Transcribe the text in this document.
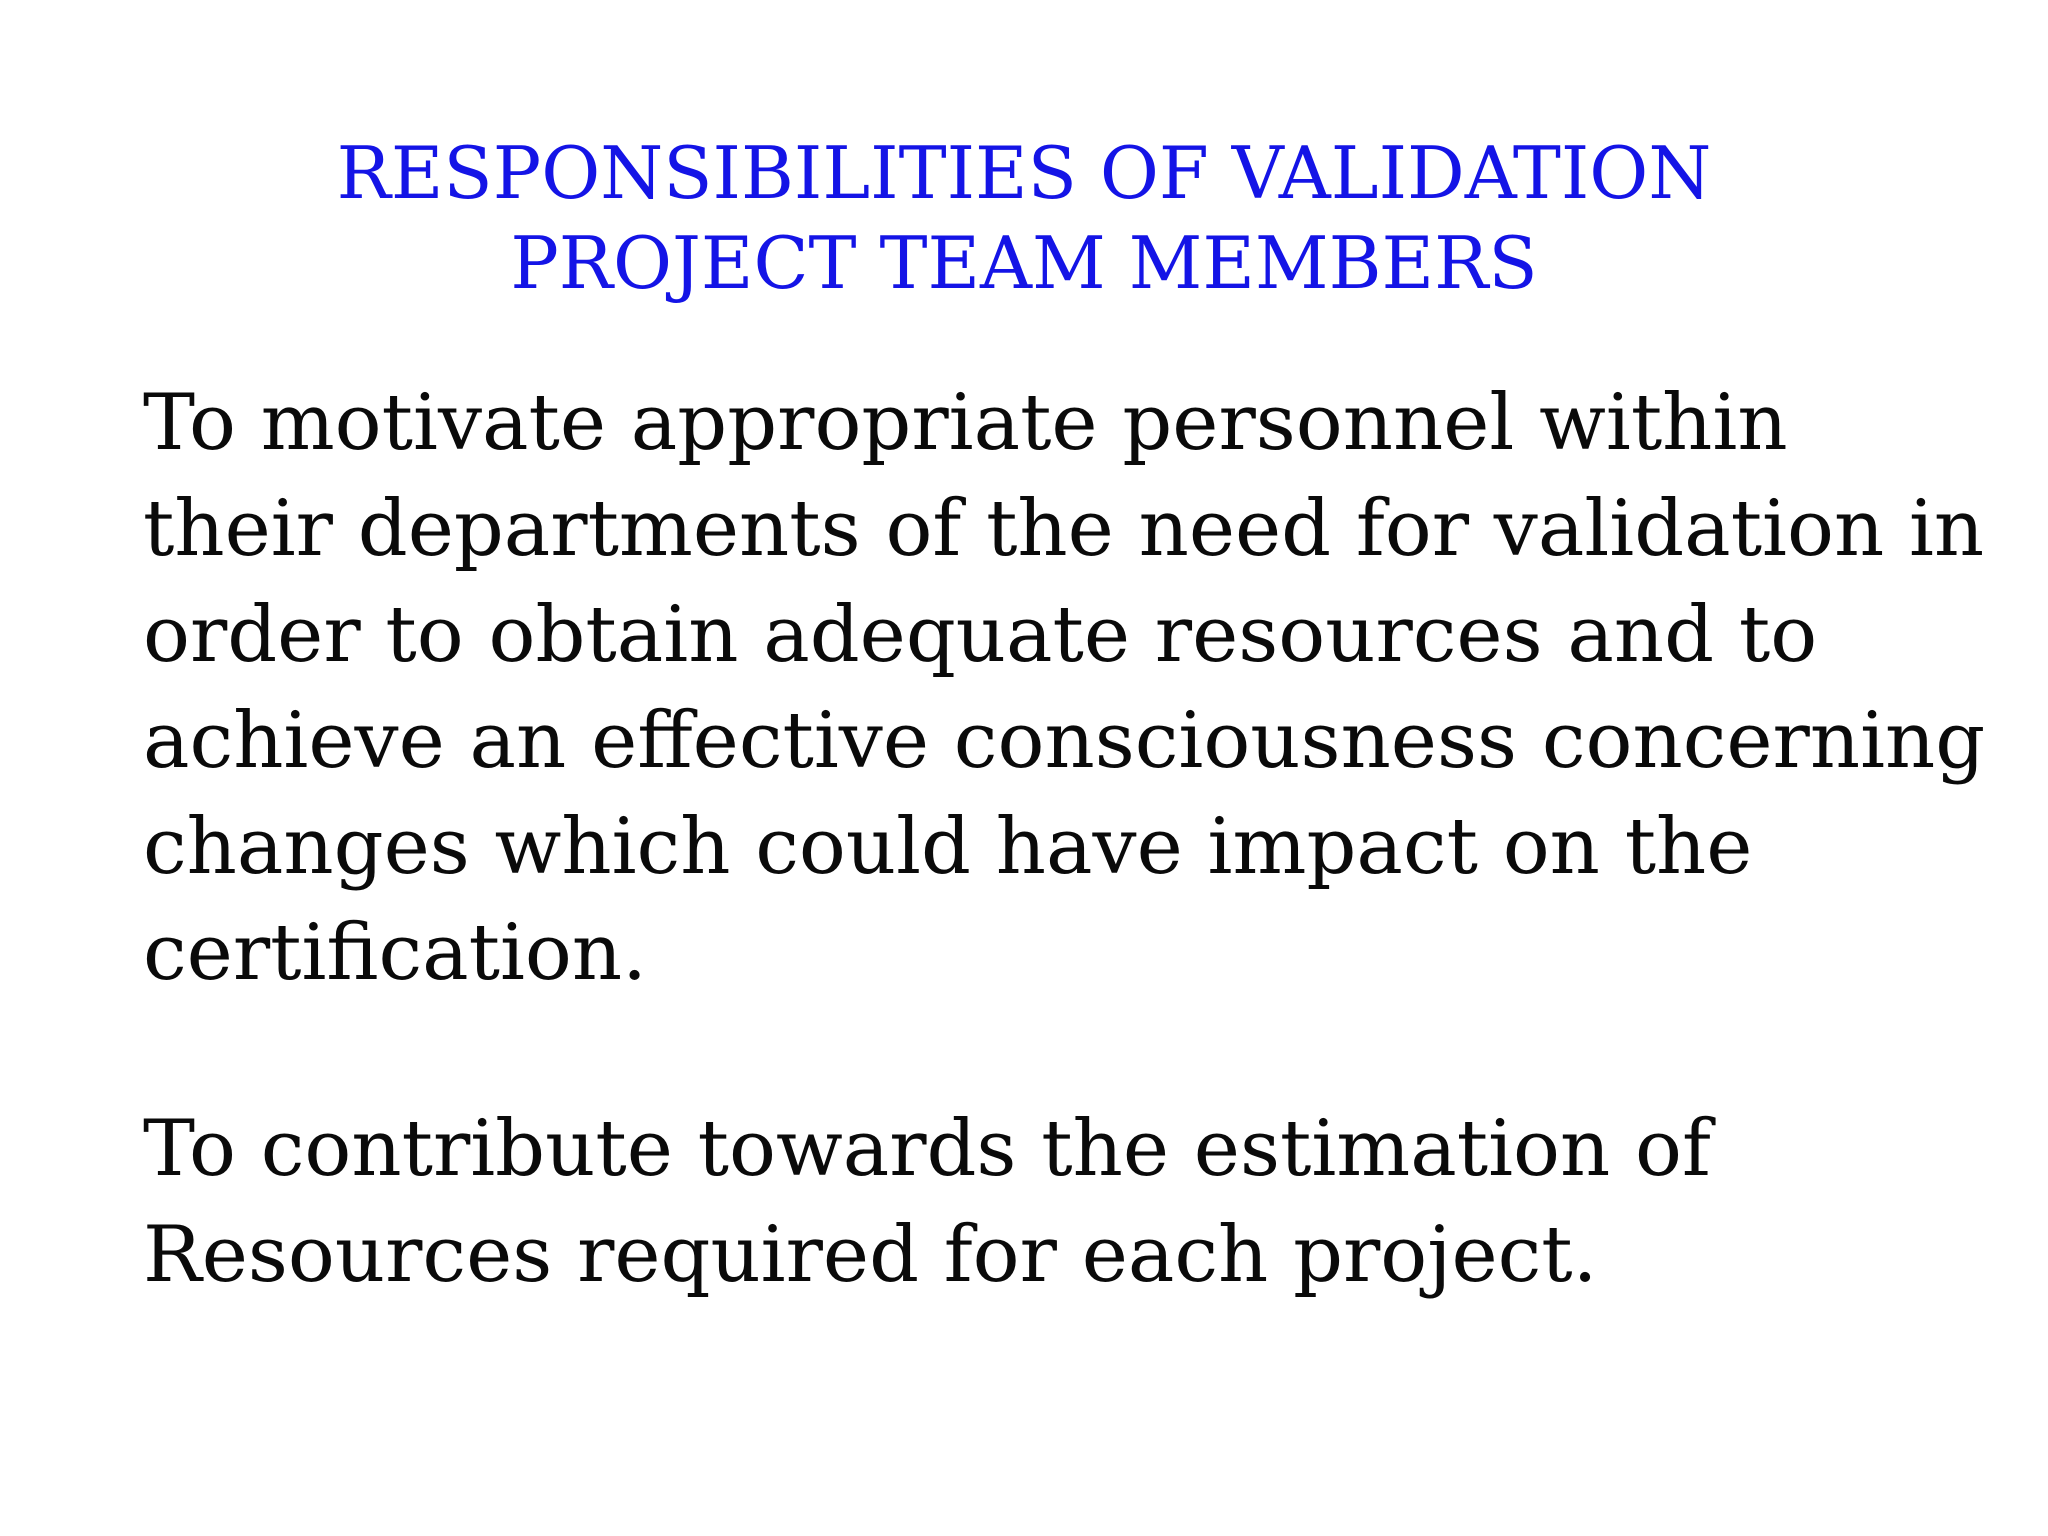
RESPONSIBILITIES OF VALIDATION
PROJECT TEAM MEMBERS

To motivate appropriate personnel within
their departments of the need for validation in
order to obtain adequate resources and to
achieve an effective consciousness concerning
changes which could have impact on the
certification.

To contribute towards the estimation of
Resources required for each project.
